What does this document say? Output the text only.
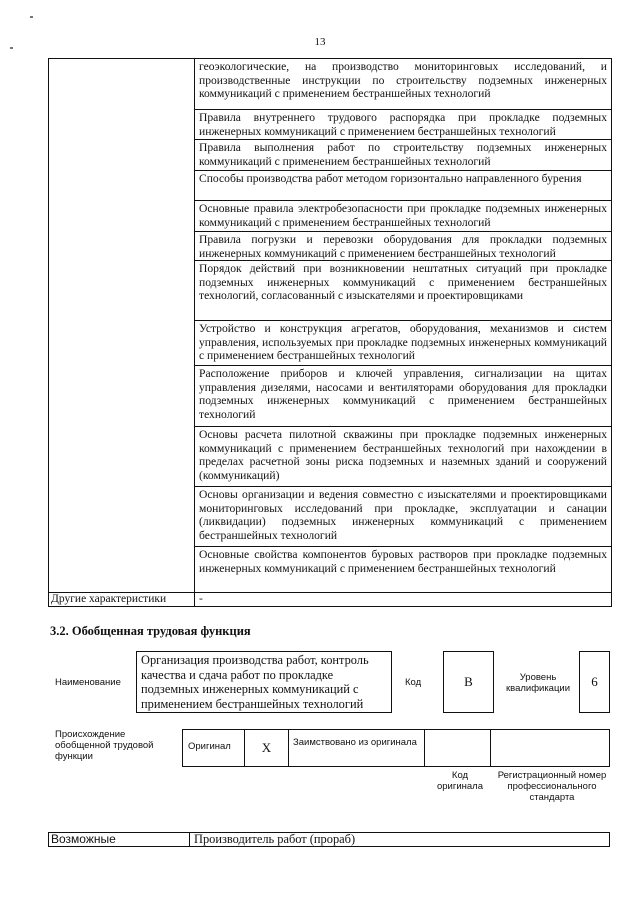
13
геоэкологические, на производство мониторинговых исследований, и производственные инструкции по строительству подземных инженерных коммуникаций с применением бестраншейных технологий
Правила внутреннего трудового распорядка при прокладке подземных инженерных коммуникаций с применением бестраншейных технологий
Правила выполнения работ по строительству подземных инженерных коммуникаций с применением бестраншейных технологий
Способы производства работ методом горизонтально направленного бурения
Основные правила электробезопасности при прокладке подземных инженерных коммуникаций с применением бестраншейных технологий
Правила погрузки и перевозки оборудования для прокладки подземных инженерных коммуникаций с применением бестраншейных технологий
Порядок действий при возникновении нештатных ситуаций при прокладке подземных инженерных коммуникаций с применением бестраншейных технологий, согласованный с изыскателями и проектировщиками
Устройство и конструкция агрегатов, оборудования, механизмов и систем управления, используемых при прокладке подземных инженерных коммуникаций с применением бестраншейных технологий
Расположение приборов и ключей управления, сигнализации на щитах управления дизелями, насосами и вентиляторами оборудования для прокладки подземных инженерных коммуникаций с применением бестраншейных технологий
Основы расчета пилотной скважины при прокладке подземных инженерных коммуникаций с применением бестраншейных технологий при нахождении в пределах расчетной зоны риска подземных и наземных зданий и сооружений (коммуникаций)
Основы организации и ведения совместно с изыскателями и проектировщиками мониторинговых исследований при прокладке, эксплуатации и санации (ликвидации) подземных инженерных коммуникаций с применением бестраншейных технологий
Основные свойства компонентов буровых растворов при прокладке подземных инженерных коммуникаций с применением бестраншейных технологий
Другие характеристики	-
3.2. Обобщенная трудовая функция
Наименование
Организация производства работ, контроль качества и сдача работ по прокладке подземных инженерных коммуникаций с применением бестраншейных технологий
Код	B	Уровень квалификации	6
Происхождение обобщенной трудовой функции
Оригинал	X	Заимствовано из оригинала
Код оригинала
Регистрационный номер профессионального стандарта
Возможные	Производитель работ (прораб)
